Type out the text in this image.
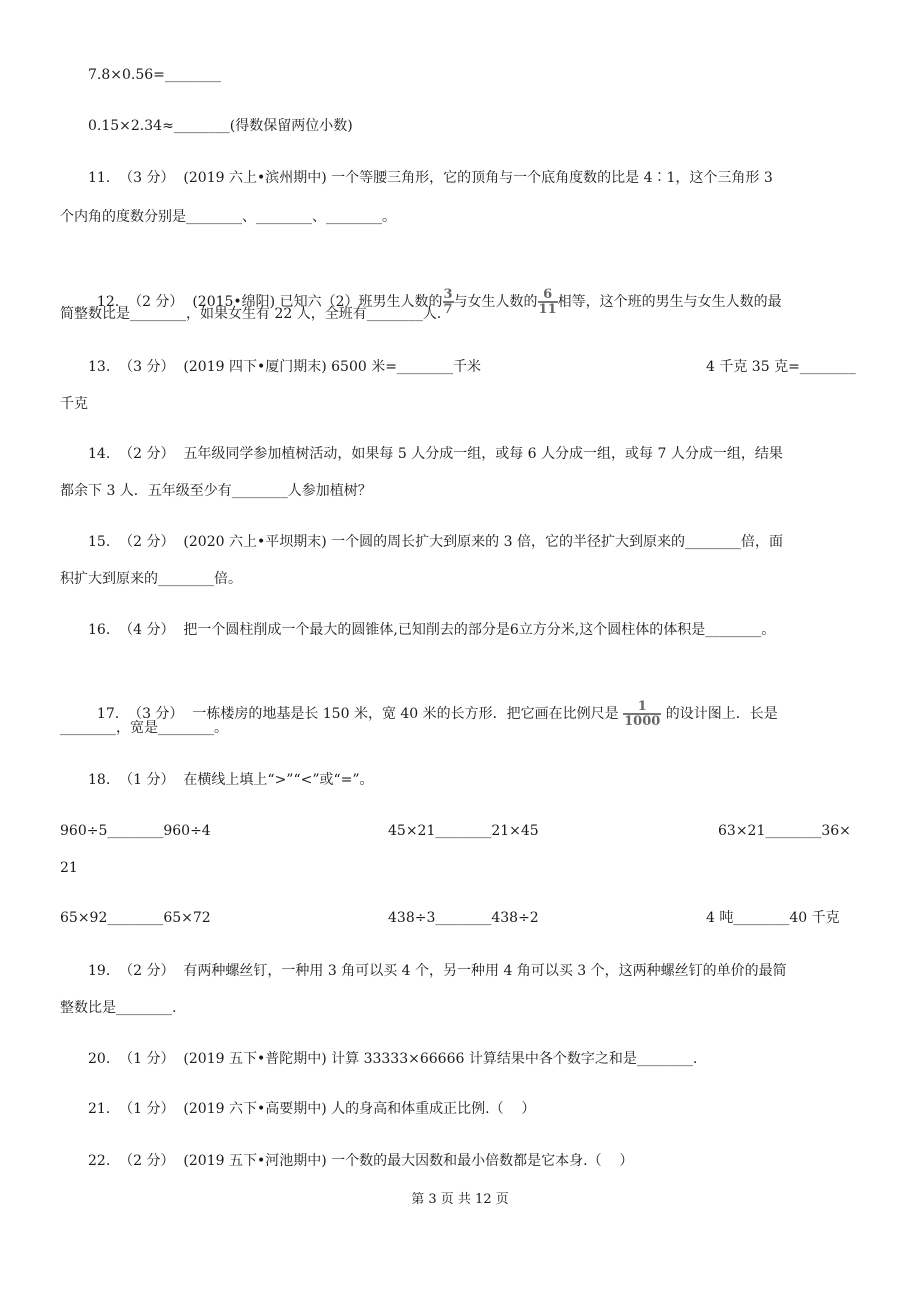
7.8×0.56=________
0.15×2.34≈________(得数保留两位小数)
11.  （3 分）  (2019 六上•滨州期中) 一个等腰三角形，它的顶角与一个底角度数的比是 4∶1，这个三角形 3
个内角的度数分别是________、________、________。

12.  （2 分）  (2015•绵阳) 已知六（2）班男生人数的 $\frac{3}{7}$ 与女生人数的 $\frac{6}{11}$ 相等，这个班的男生与女生人数的最

简整数比是________，如果女生有 22 人，全班有________人.
13.  （3 分）  (2019 四下•厦门期末) 6500 米=________千米	4 千克 35 克=________
千克
14.  （2 分）  五年级同学参加植树活动，如果每 5 人分成一组，或每 6 人分成一组，或每 7 人分成一组，结果
都余下 3 人．五年级至少有________人参加植树？
15.  （2 分）  (2020 六上•平坝期末) 一个圆的周长扩大到原来的 3 倍，它的半径扩大到原来的________倍，面
积扩大到原来的________倍。
16.  （4 分）  把一个圆柱削成一个最大的圆锥体,已知削去的部分是6立方分米,这个圆柱体的体积是________。

17.  （3 分）  一栋楼房的地基是长 150 米，宽 40 米的长方形．把它画在比例尺是 $\frac{1}{1000}$ 的设计图上．长是

________，宽是________。
18.  （1 分）  在横线上填上“>”“<”或“=”。
960÷5________960÷4	45×21________21×45	63×21________36×
21
65×92________65×72	438÷3________438÷2	4 吨________40 千克
19.  （2 分）  有两种螺丝钉，一种用 3 角可以买 4 个，另一种用 4 角可以买 3 个，这两种螺丝钉的单价的最简
整数比是________.
20.  （1 分）  (2019 五下•普陀期中) 计算 33333×66666 计算结果中各个数字之和是________.
21.  （1 分）  (2019 六下•高要期中) 人的身高和体重成正比例.（    ）
22.  （2 分）  (2019 五下•河池期中) 一个数的最大因数和最小倍数都是它本身.（    ）
第 3 页 共 12 页
